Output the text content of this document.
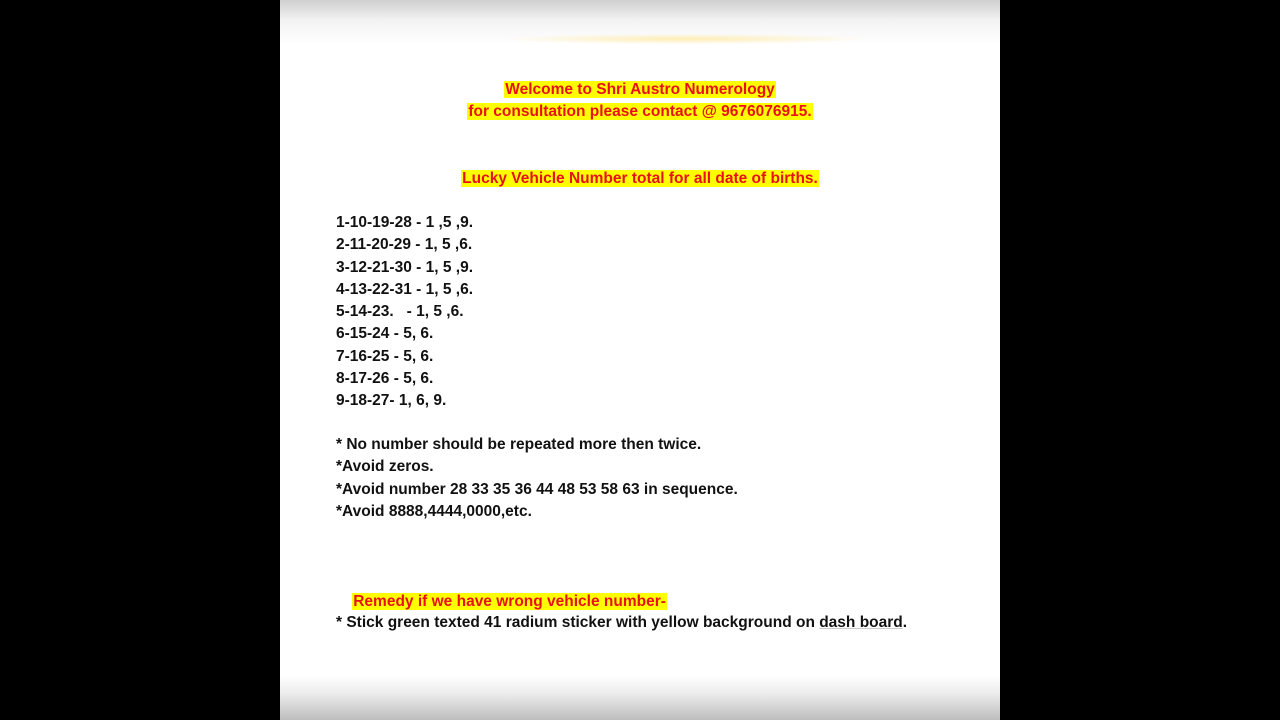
Welcome to Shri Austro Numerology
for consultation please contact @ 9676076915.
Lucky Vehicle Number total for all date of births.
1-10-19-28 - 1 ,5 ,9.
2-11-20-29 - 1, 5 ,6.
3-12-21-30 - 1, 5 ,9.
4-13-22-31 - 1, 5 ,6.
5-14-23.   - 1, 5 ,6.
6-15-24 - 5, 6.
7-16-25 - 5, 6.
8-17-26 - 5, 6.
9-18-27- 1, 6, 9.
* No number should be repeated more then twice.
*Avoid zeros.
*Avoid number 28 33 35 36 44 48 53 58 63 in sequence.
*Avoid 8888,4444,0000,etc.

Remedy if we have wrong vehicle number-

* Stick green texted 41 radium sticker with yellow background on dash board.
